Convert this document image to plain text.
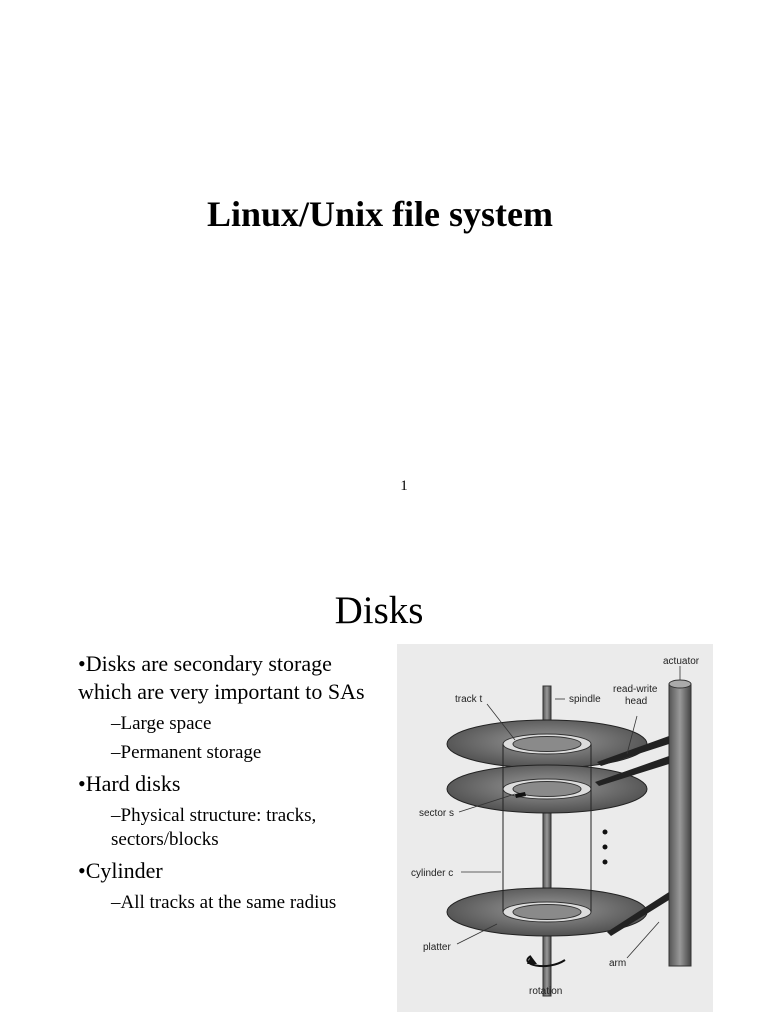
Linux/Unix file system
1
Disks
•Disks are secondary storage which are very important to SAs
–Large space
–Permanent storage
•Hard disks
–Physical structure: tracks, sectors/blocks
•Cylinder
–All tracks at the same radius
actuator
read-write
head
track t	spindle
sector s
cylinder c
platter
arm
rotation
